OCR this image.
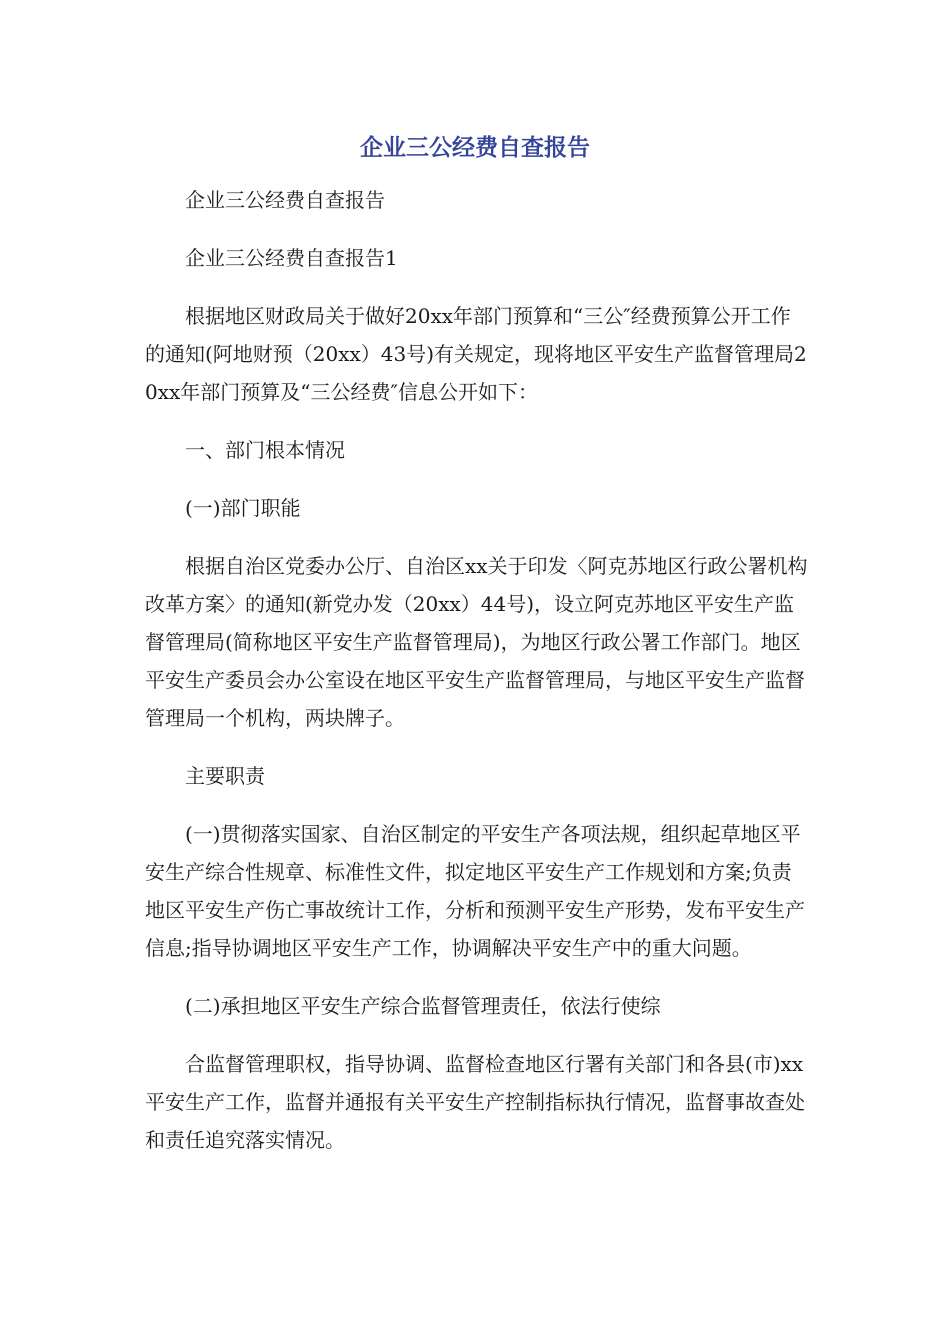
企业三公经费自查报告

企业三公经费自查报告

企业三公经费自查报告1

根据地区财政局关于做好20xx年部门预算和“三公″经费预算公开工作的通知(阿地财预（20xx）43号)有关规定，现将地区平安生产监督管理局20xx年部门预算及“三公经费″信息公开如下：

一、部门根本情况

(一)部门职能

根据自治区党委办公厅、自治区xx关于印发〈阿克苏地区行政公署机构改革方案〉的通知(新党办发（20xx）44号)，设立阿克苏地区平安生产监督管理局(简称地区平安生产监督管理局)，为地区行政公署工作部门。地区平安生产委员会办公室设在地区平安生产监督管理局，与地区平安生产监督管理局一个机构，两块牌子。

主要职责

(一)贯彻落实国家、自治区制定的平安生产各项法规，组织起草地区平安生产综合性规章、标准性文件，拟定地区平安生产工作规划和方案;负责地区平安生产伤亡事故统计工作，分析和预测平安生产形势，发布平安生产信息;指导协调地区平安生产工作，协调解决平安生产中的重大问题。

(二)承担地区平安生产综合监督管理责任，依法行使综

合监督管理职权，指导协调、监督检查地区行署有关部门和各县(市)xx平安生产工作，监督并通报有关平安生产控制指标执行情况，监督事故查处和责任追究落实情况。
